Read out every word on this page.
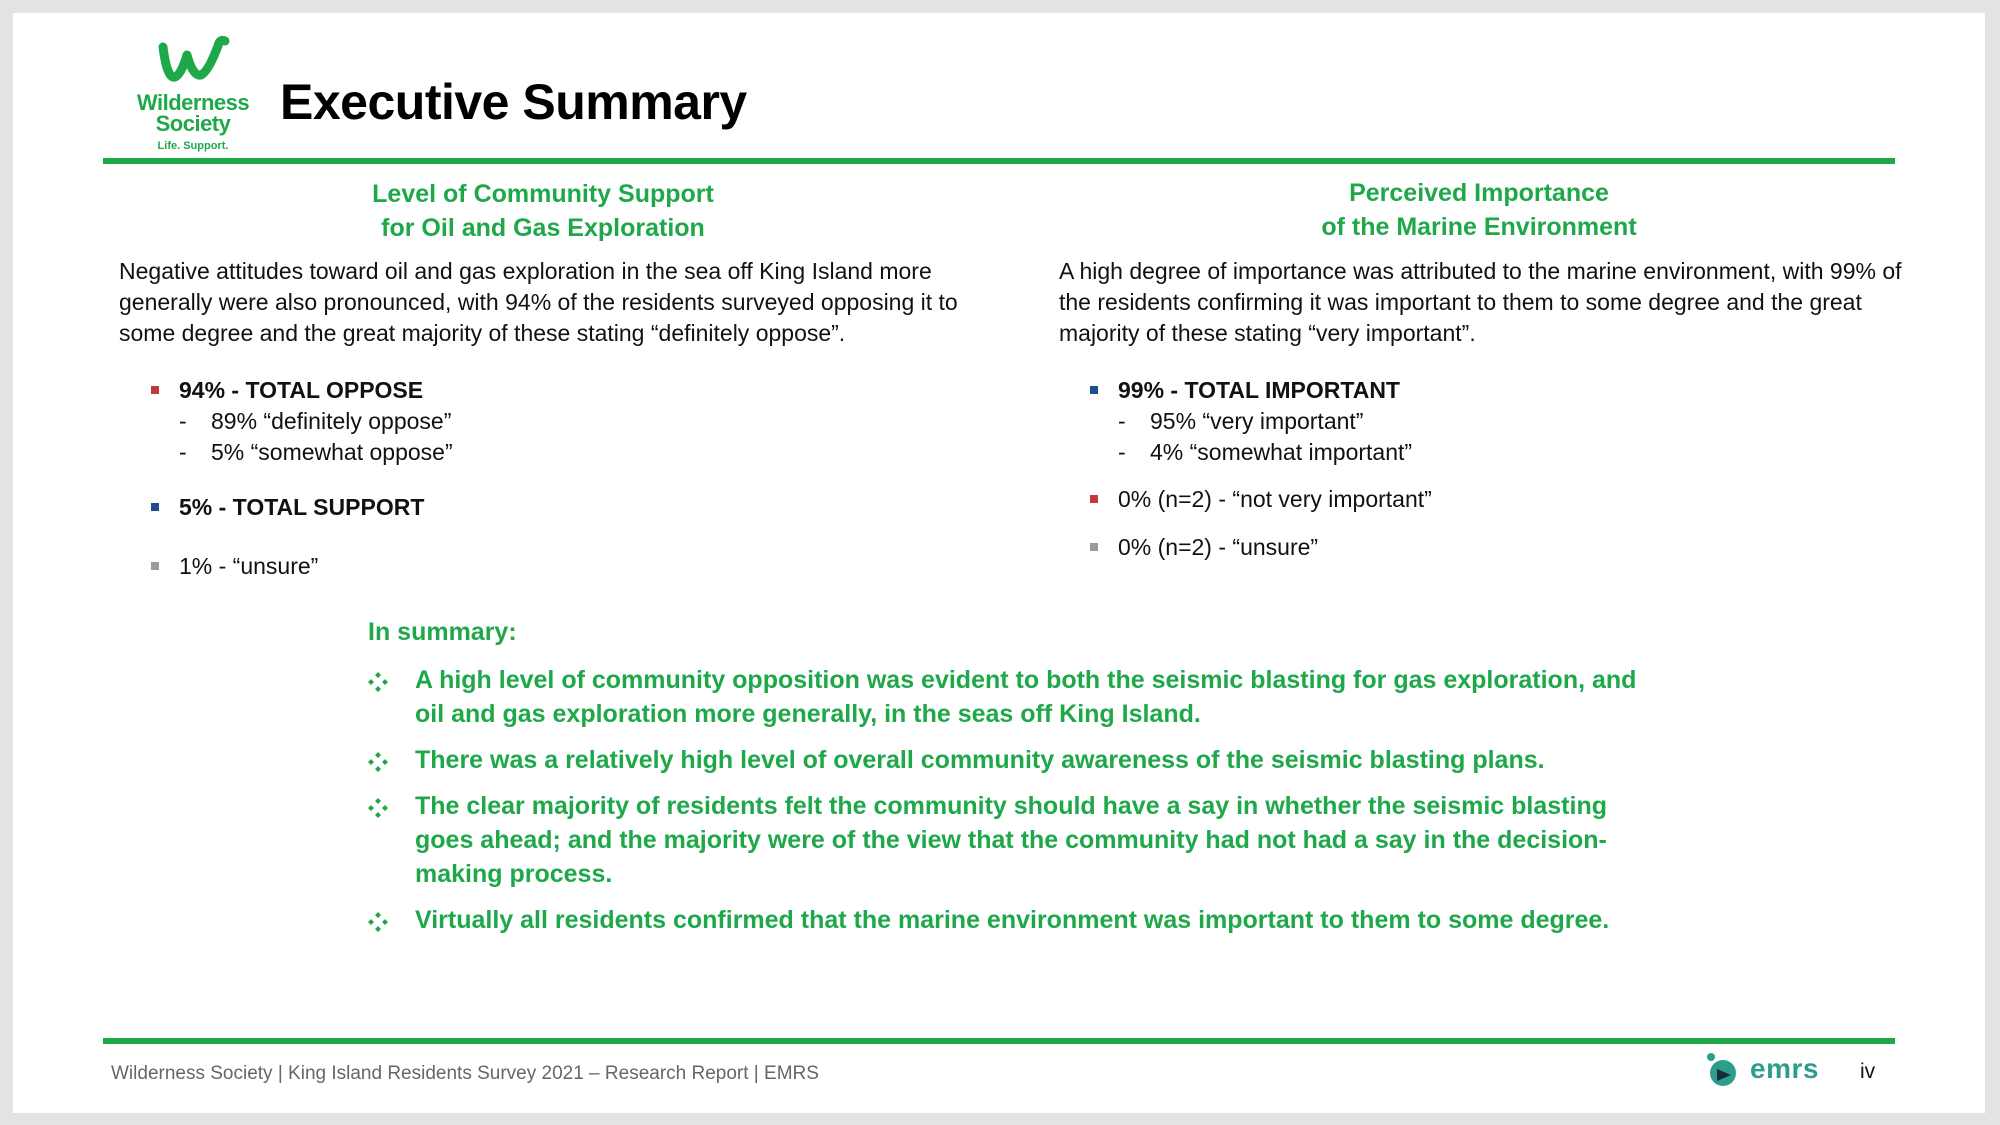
Wilderness
Society
Life. Support.
Executive Summary
Level of Community Support
for Oil and Gas Exploration
Negative attitudes toward oil and gas exploration in the sea off King Island more generally were also pronounced, with 94% of the residents surveyed opposing it to some degree and the great majority of these stating “definitely oppose”.
94% - TOTAL OPPOSE
- 89% “definitely oppose”
- 5% “somewhat oppose”
5% - TOTAL SUPPORT
1% - “unsure”
Perceived Importance
of the Marine Environment
A high degree of importance was attributed to the marine environment, with 99% of the residents confirming it was important to them to some degree and the great majority of these stating “very important”.
99% - TOTAL IMPORTANT
- 95% “very important”
- 4% “somewhat important”
0% (n=2) - “not very important”
0% (n=2) - “unsure”
In summary:
A high level of community opposition was evident to both the seismic blasting for gas exploration, and oil and gas exploration more generally, in the seas off King Island.
There was a relatively high level of overall community awareness of the seismic blasting plans.
The clear majority of residents felt the community should have a say in whether the seismic blasting goes ahead; and the majority were of the view that the community had not had a say in the decision-making process.
Virtually all residents confirmed that the marine environment was important to them to some degree.
Wilderness Society | King Island Residents Survey 2021 – Research Report | EMRS	emrs iv
